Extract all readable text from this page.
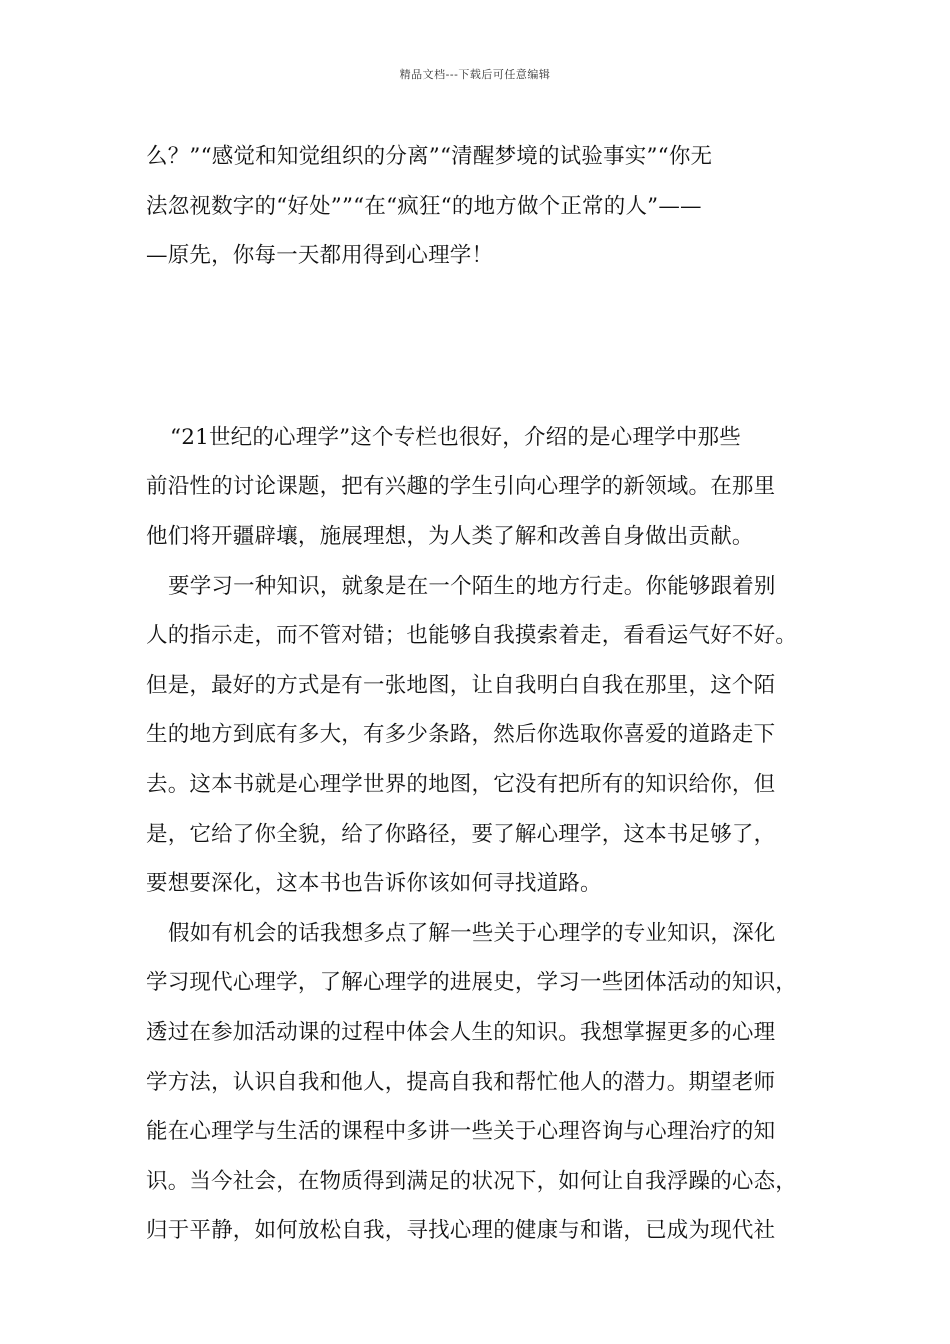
精品文档---下载后可任意编辑
么？”“感觉和知觉组织的分离”“清醒梦境的试验事实”“你无
法忽视数字的“好处””“在“疯狂“的地方做个正常的人”——
—原先，你每一天都用得到心理学！
“21世纪的心理学”这个专栏也很好，介绍的是心理学中那些
前沿性的讨论课题，把有兴趣的学生引向心理学的新领域。在那里
他们将开疆辟壤，施展理想，为人类了解和改善自身做出贡献。
要学习一种知识，就象是在一个陌生的地方行走。你能够跟着别
人的指示走，而不管对错；也能够自我摸索着走，看看运气好不好。
但是，最好的方式是有一张地图，让自我明白自我在那里，这个陌
生的地方到底有多大，有多少条路，然后你选取你喜爱的道路走下
去。这本书就是心理学世界的地图，它没有把所有的知识给你，但
是，它给了你全貌，给了你路径，要了解心理学，这本书足够了，
要想要深化，这本书也告诉你该如何寻找道路。
假如有机会的话我想多点了解一些关于心理学的专业知识，深化
学习现代心理学，了解心理学的进展史，学习一些团体活动的知识，
透过在参加活动课的过程中体会人生的知识。我想掌握更多的心理
学方法，认识自我和他人，提高自我和帮忙他人的潜力。期望老师
能在心理学与生活的课程中多讲一些关于心理咨询与心理治疗的知
识。当今社会，在物质得到满足的状况下，如何让自我浮躁的心态，
归于平静，如何放松自我，寻找心理的健康与和谐，已成为现代社
